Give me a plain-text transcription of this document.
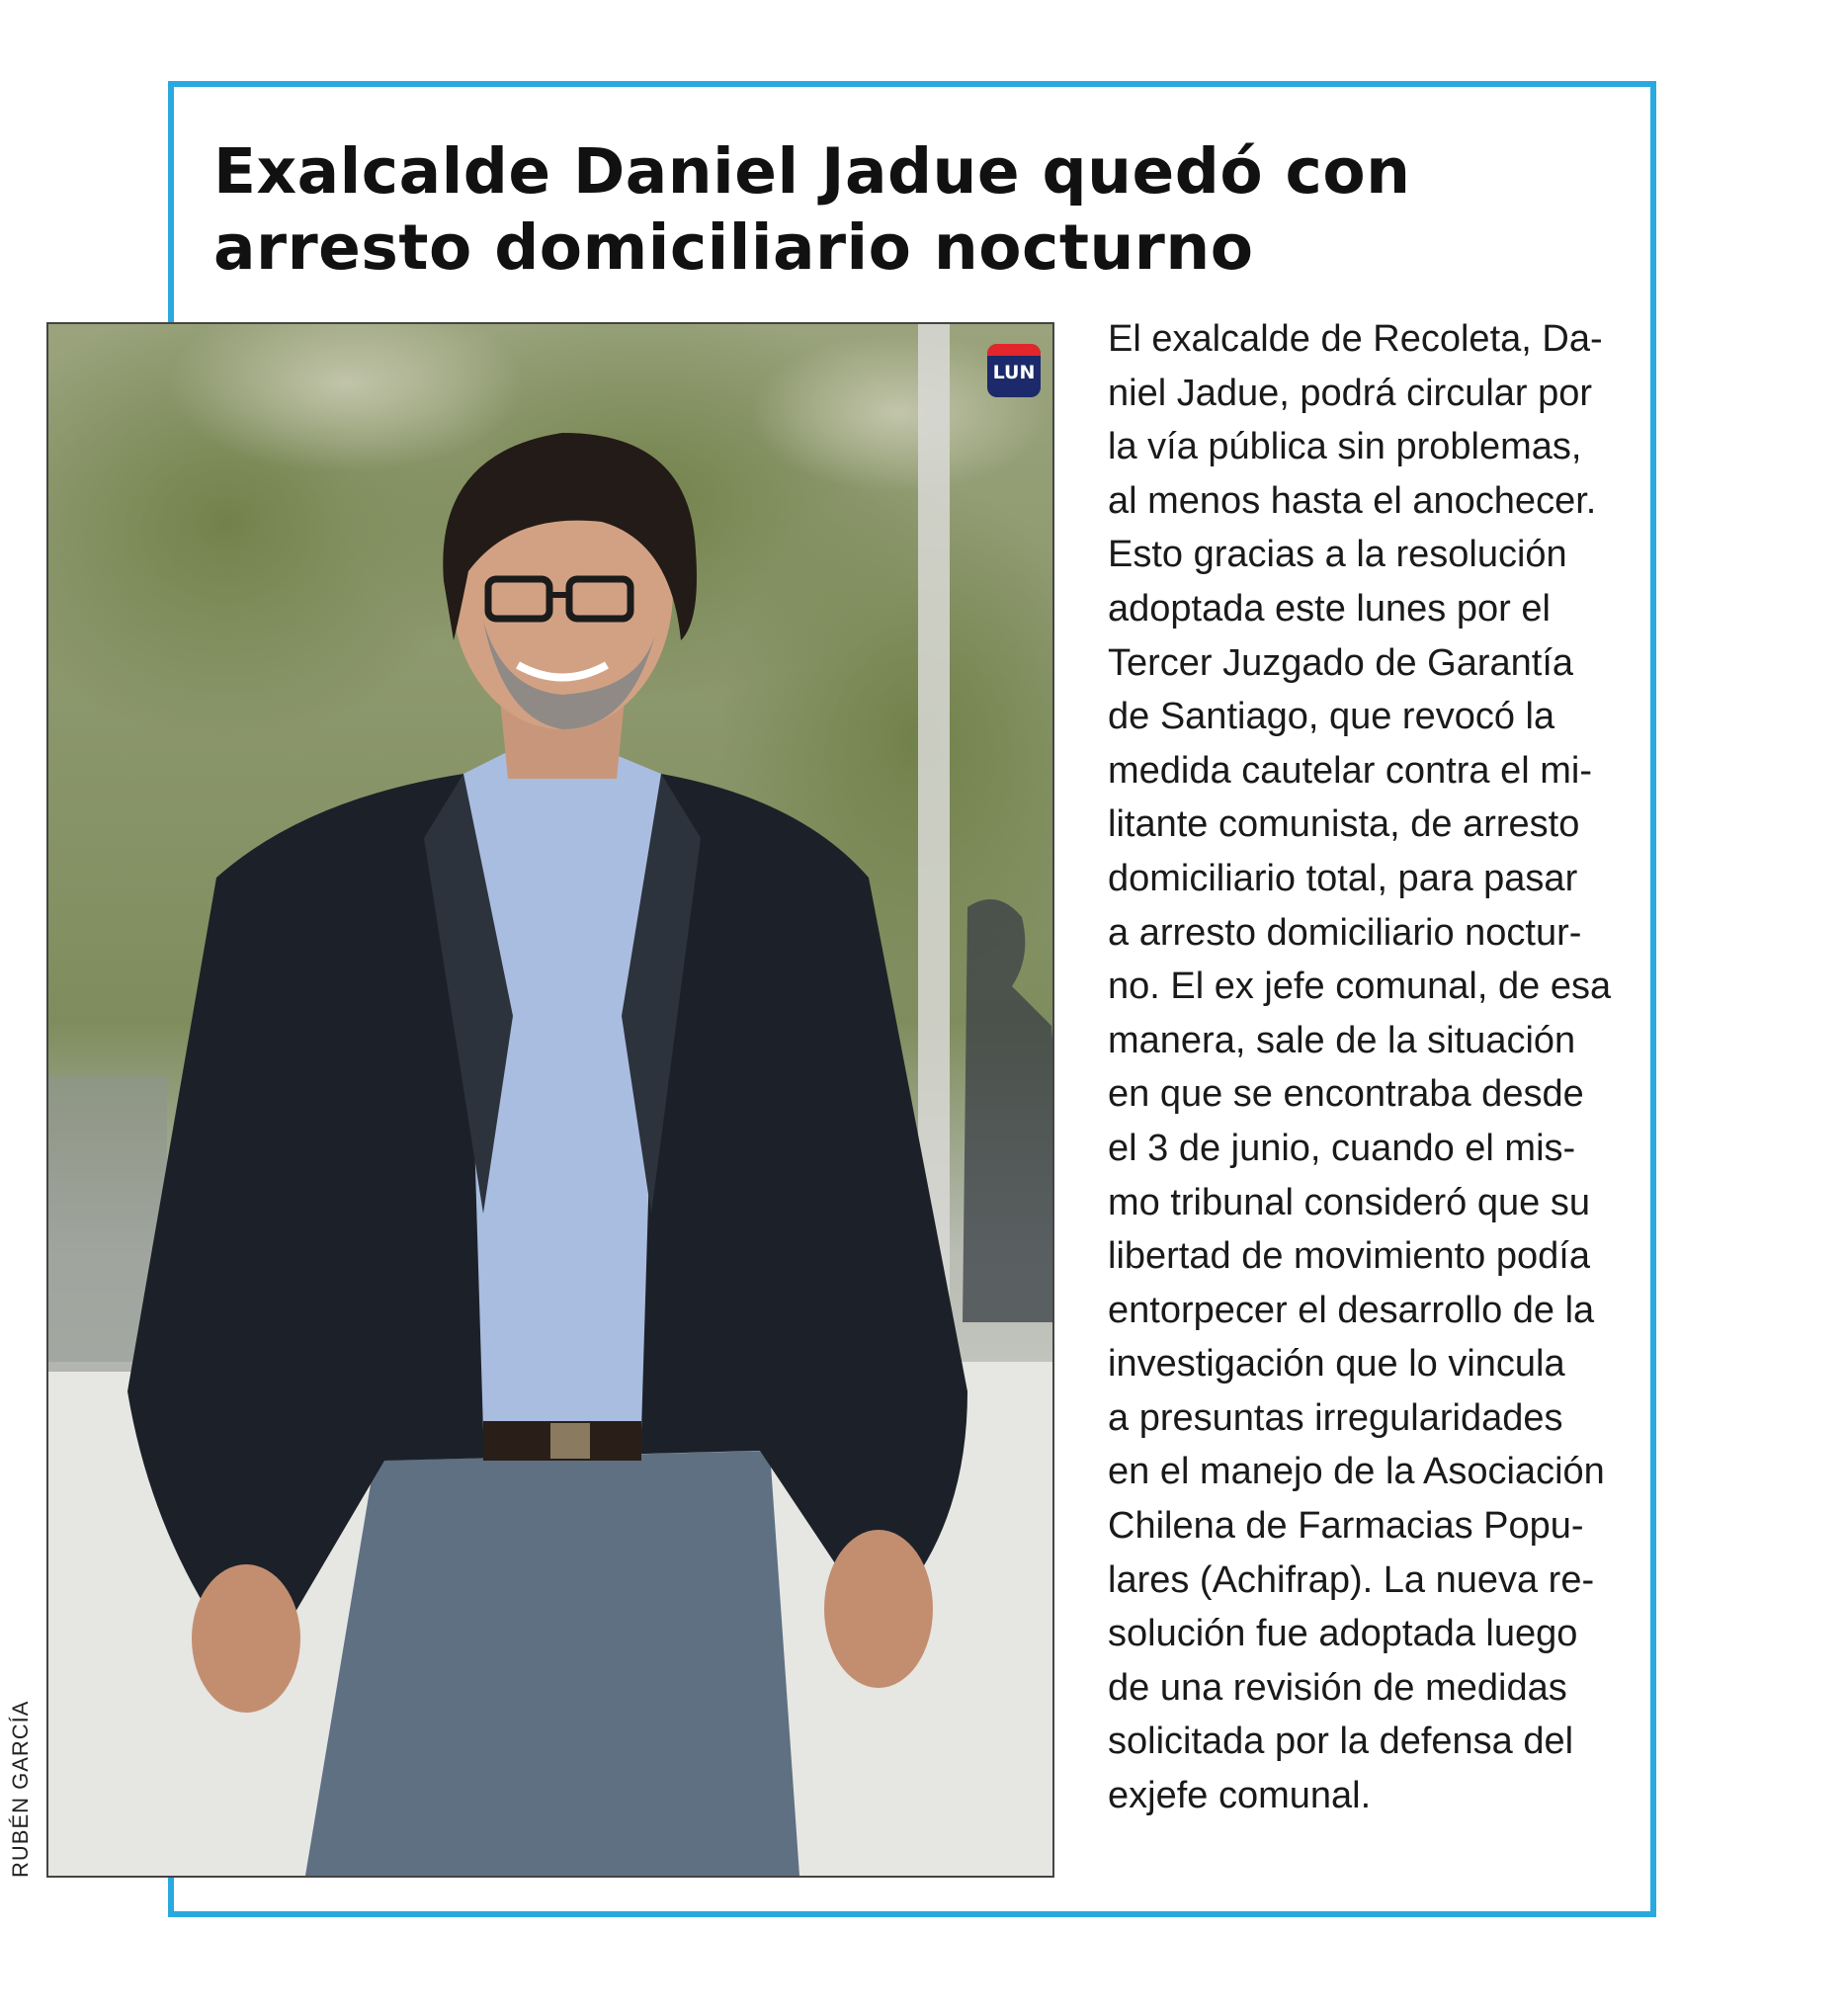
Exalcalde Daniel Jadue quedó con arresto domiciliario nocturno
LUN
RUBÉN GARCÍA

El exalcalde de Recoleta, Da-
niel Jadue, podrá circular por
la vía pública sin problemas,
al menos hasta el anochecer.
Esto gracias a la resolución
adoptada este lunes por el
Tercer Juzgado de Garantía
de Santiago, que revocó la
medida cautelar contra el mi-
litante comunista, de arresto
domiciliario total, para pasar
a arresto domiciliario noctur-
no. El ex jefe comunal, de esa
manera, sale de la situación
en que se encontraba desde
el 3 de junio, cuando el mis-
mo tribunal consideró que su
libertad de movimiento podía
entorpecer el desarrollo de la
investigación que lo vincula
a presuntas irregularidades
en el manejo de la Asociación
Chilena de Farmacias Popu-
lares (Achifrap). La nueva re-
solución fue adoptada luego
de una revisión de medidas
solicitada por la defensa del
exjefe comunal.
